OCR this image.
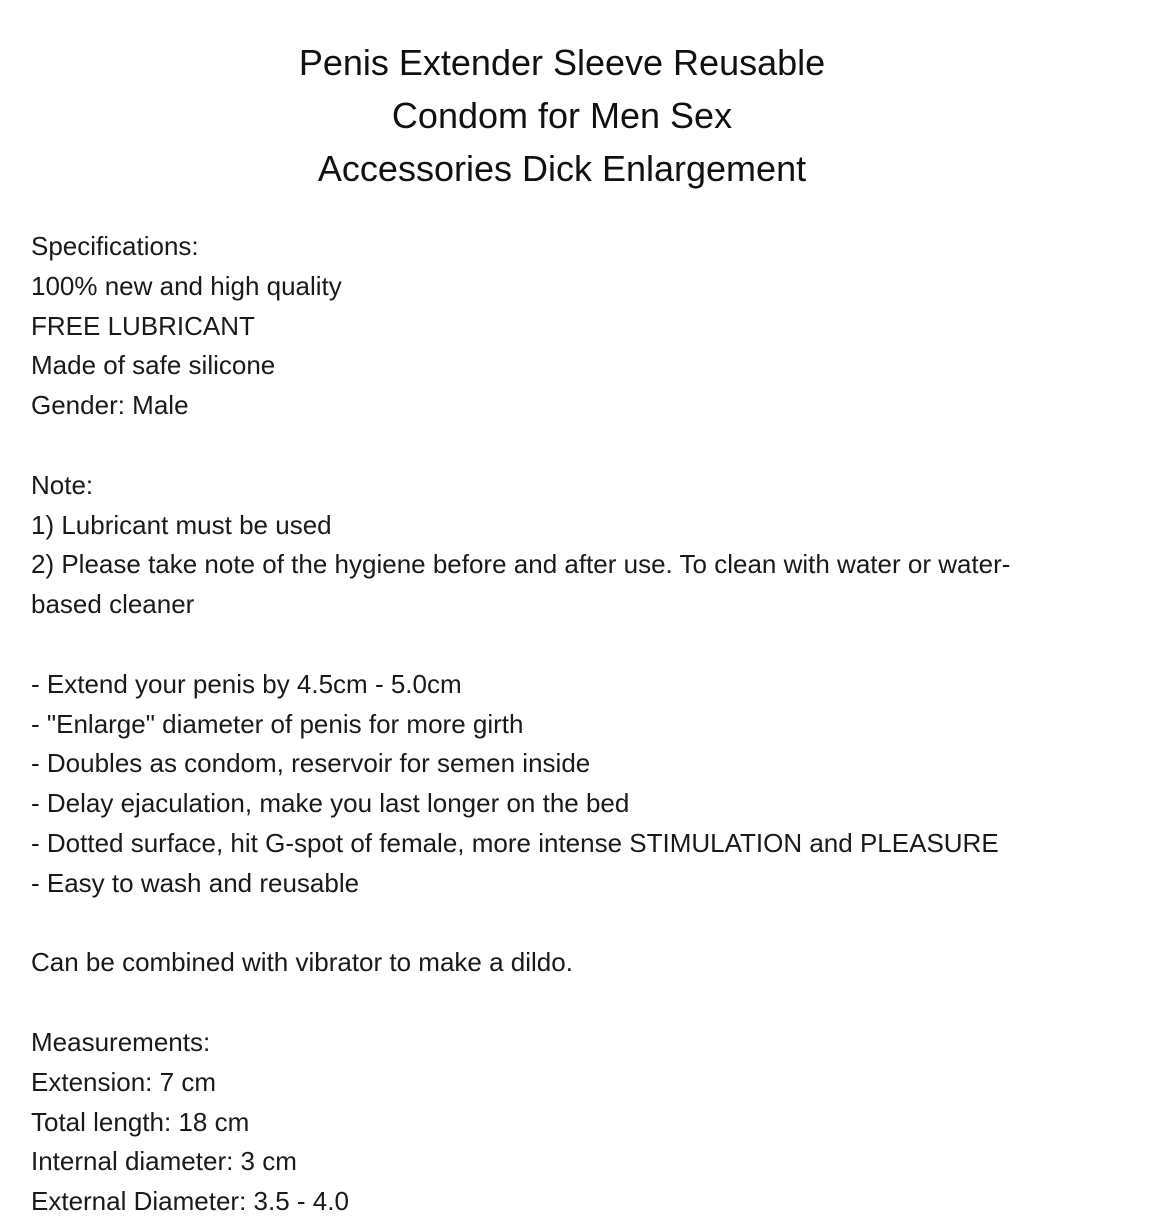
Penis Extender Sleeve Reusable
Condom for Men Sex
Accessories Dick Enlargement
Specifications:
100% new and high quality
FREE LUBRICANT
Made of safe silicone
Gender: Male
Note:
1) Lubricant must be used
2) Please take note of the hygiene before and after use. To clean with water or water-
based cleaner
- Extend your penis by 4.5cm - 5.0cm
- "Enlarge" diameter of penis for more girth
- Doubles as condom, reservoir for semen inside
- Delay ejaculation, make you last longer on the bed
- Dotted surface, hit G-spot of female, more intense STIMULATION and PLEASURE
- Easy to wash and reusable
Can be combined with vibrator to make a dildo.
Measurements:
Extension: 7 cm
Total length: 18 cm
Internal diameter: 3 cm
External Diameter: 3.5 - 4.0
